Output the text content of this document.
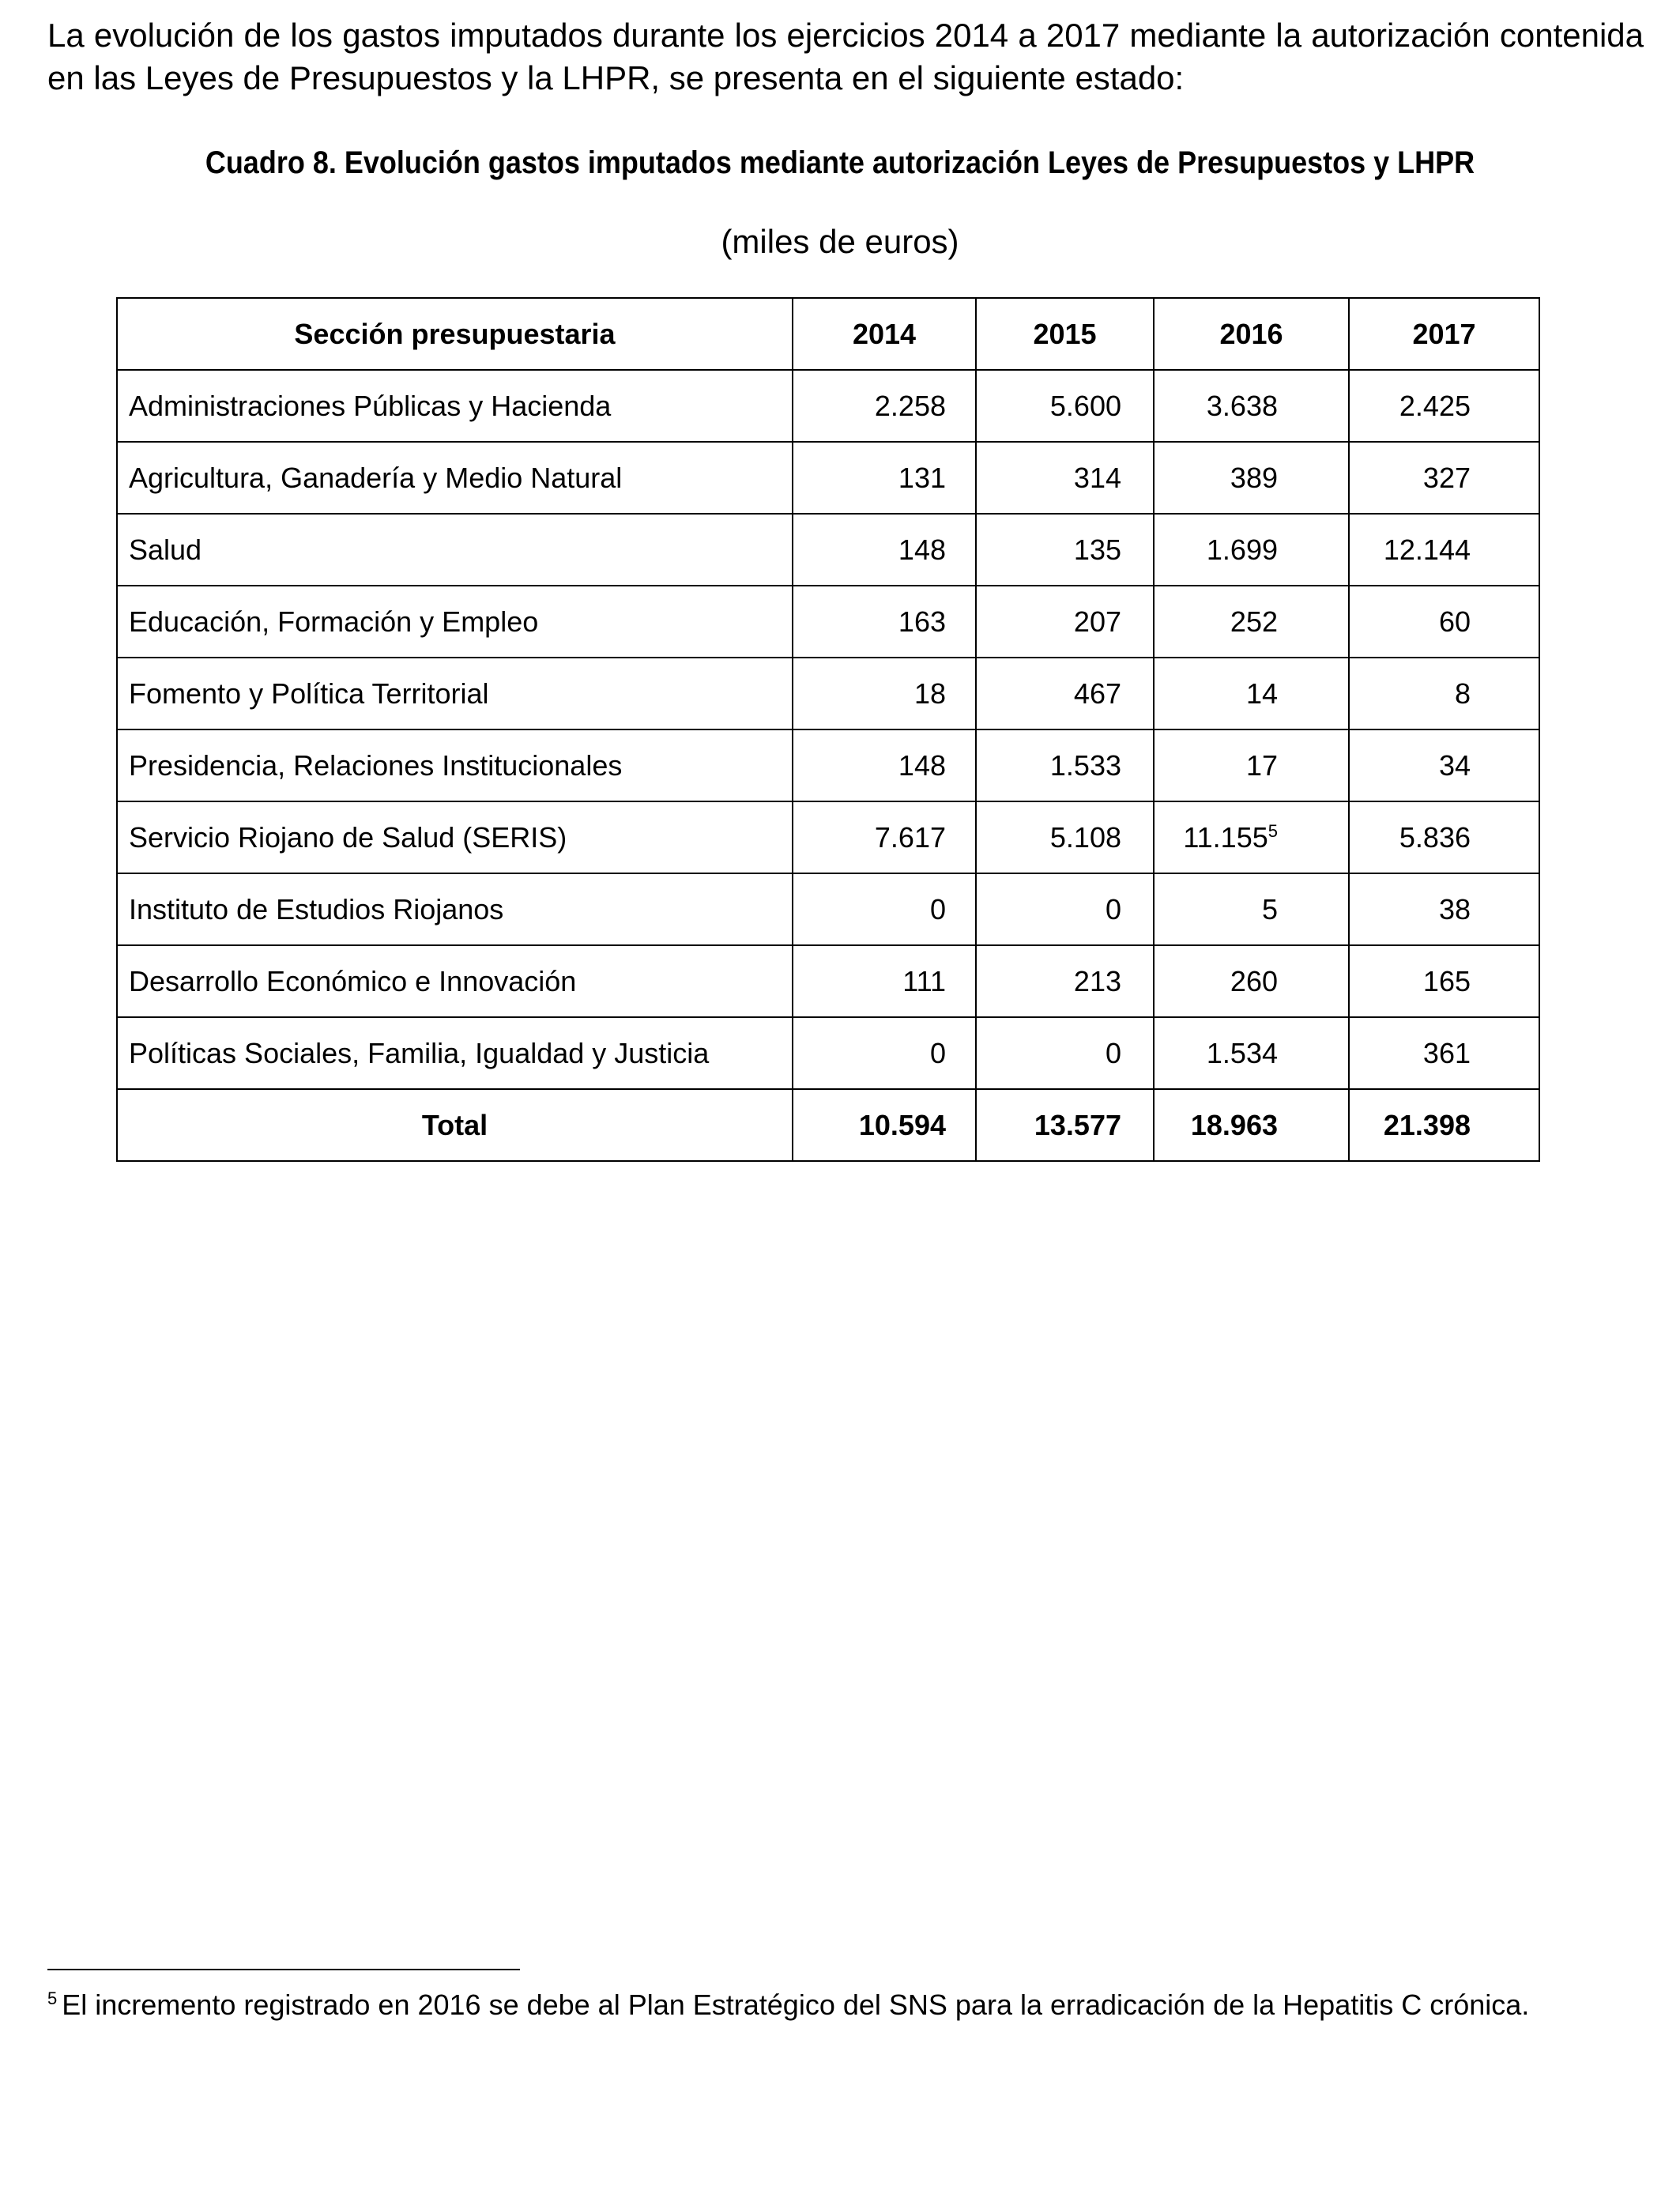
La evolución de los gastos imputados durante los ejercicios 2014 a 2017 mediante la autorización contenida en las Leyes de Presupuestos y la LHPR, se presenta en el siguiente estado:

Cuadro 8. Evolución gastos imputados mediante autorización Leyes de Presupuestos y LHPR

(miles de euros)

Sección presupuestaria	2014	2015	2016	2017
Administraciones Públicas y Hacienda	2.258	5.600	3.638	2.425
Agricultura, Ganadería y Medio Natural	131	314	389	327
Salud	148	135	1.699	12.144
Educación, Formación y Empleo	163	207	252	60
Fomento y Política Territorial	18	467	14	8
Presidencia, Relaciones Institucionales	148	1.533	17	34
Servicio Riojano de Salud (SERIS)	7.617	5.108	11.155$^5$	5.836
Instituto de Estudios Riojanos	0	0	5	38
Desarrollo Económico e Innovación	111	213	260	165
Políticas Sociales, Familia, Igualdad y Justicia	0	0	1.534	361
Total	10.594	13.577	18.963	21.398

$^5$ El incremento registrado en 2016 se debe al Plan Estratégico del SNS para la erradicación de la Hepatitis C crónica.
